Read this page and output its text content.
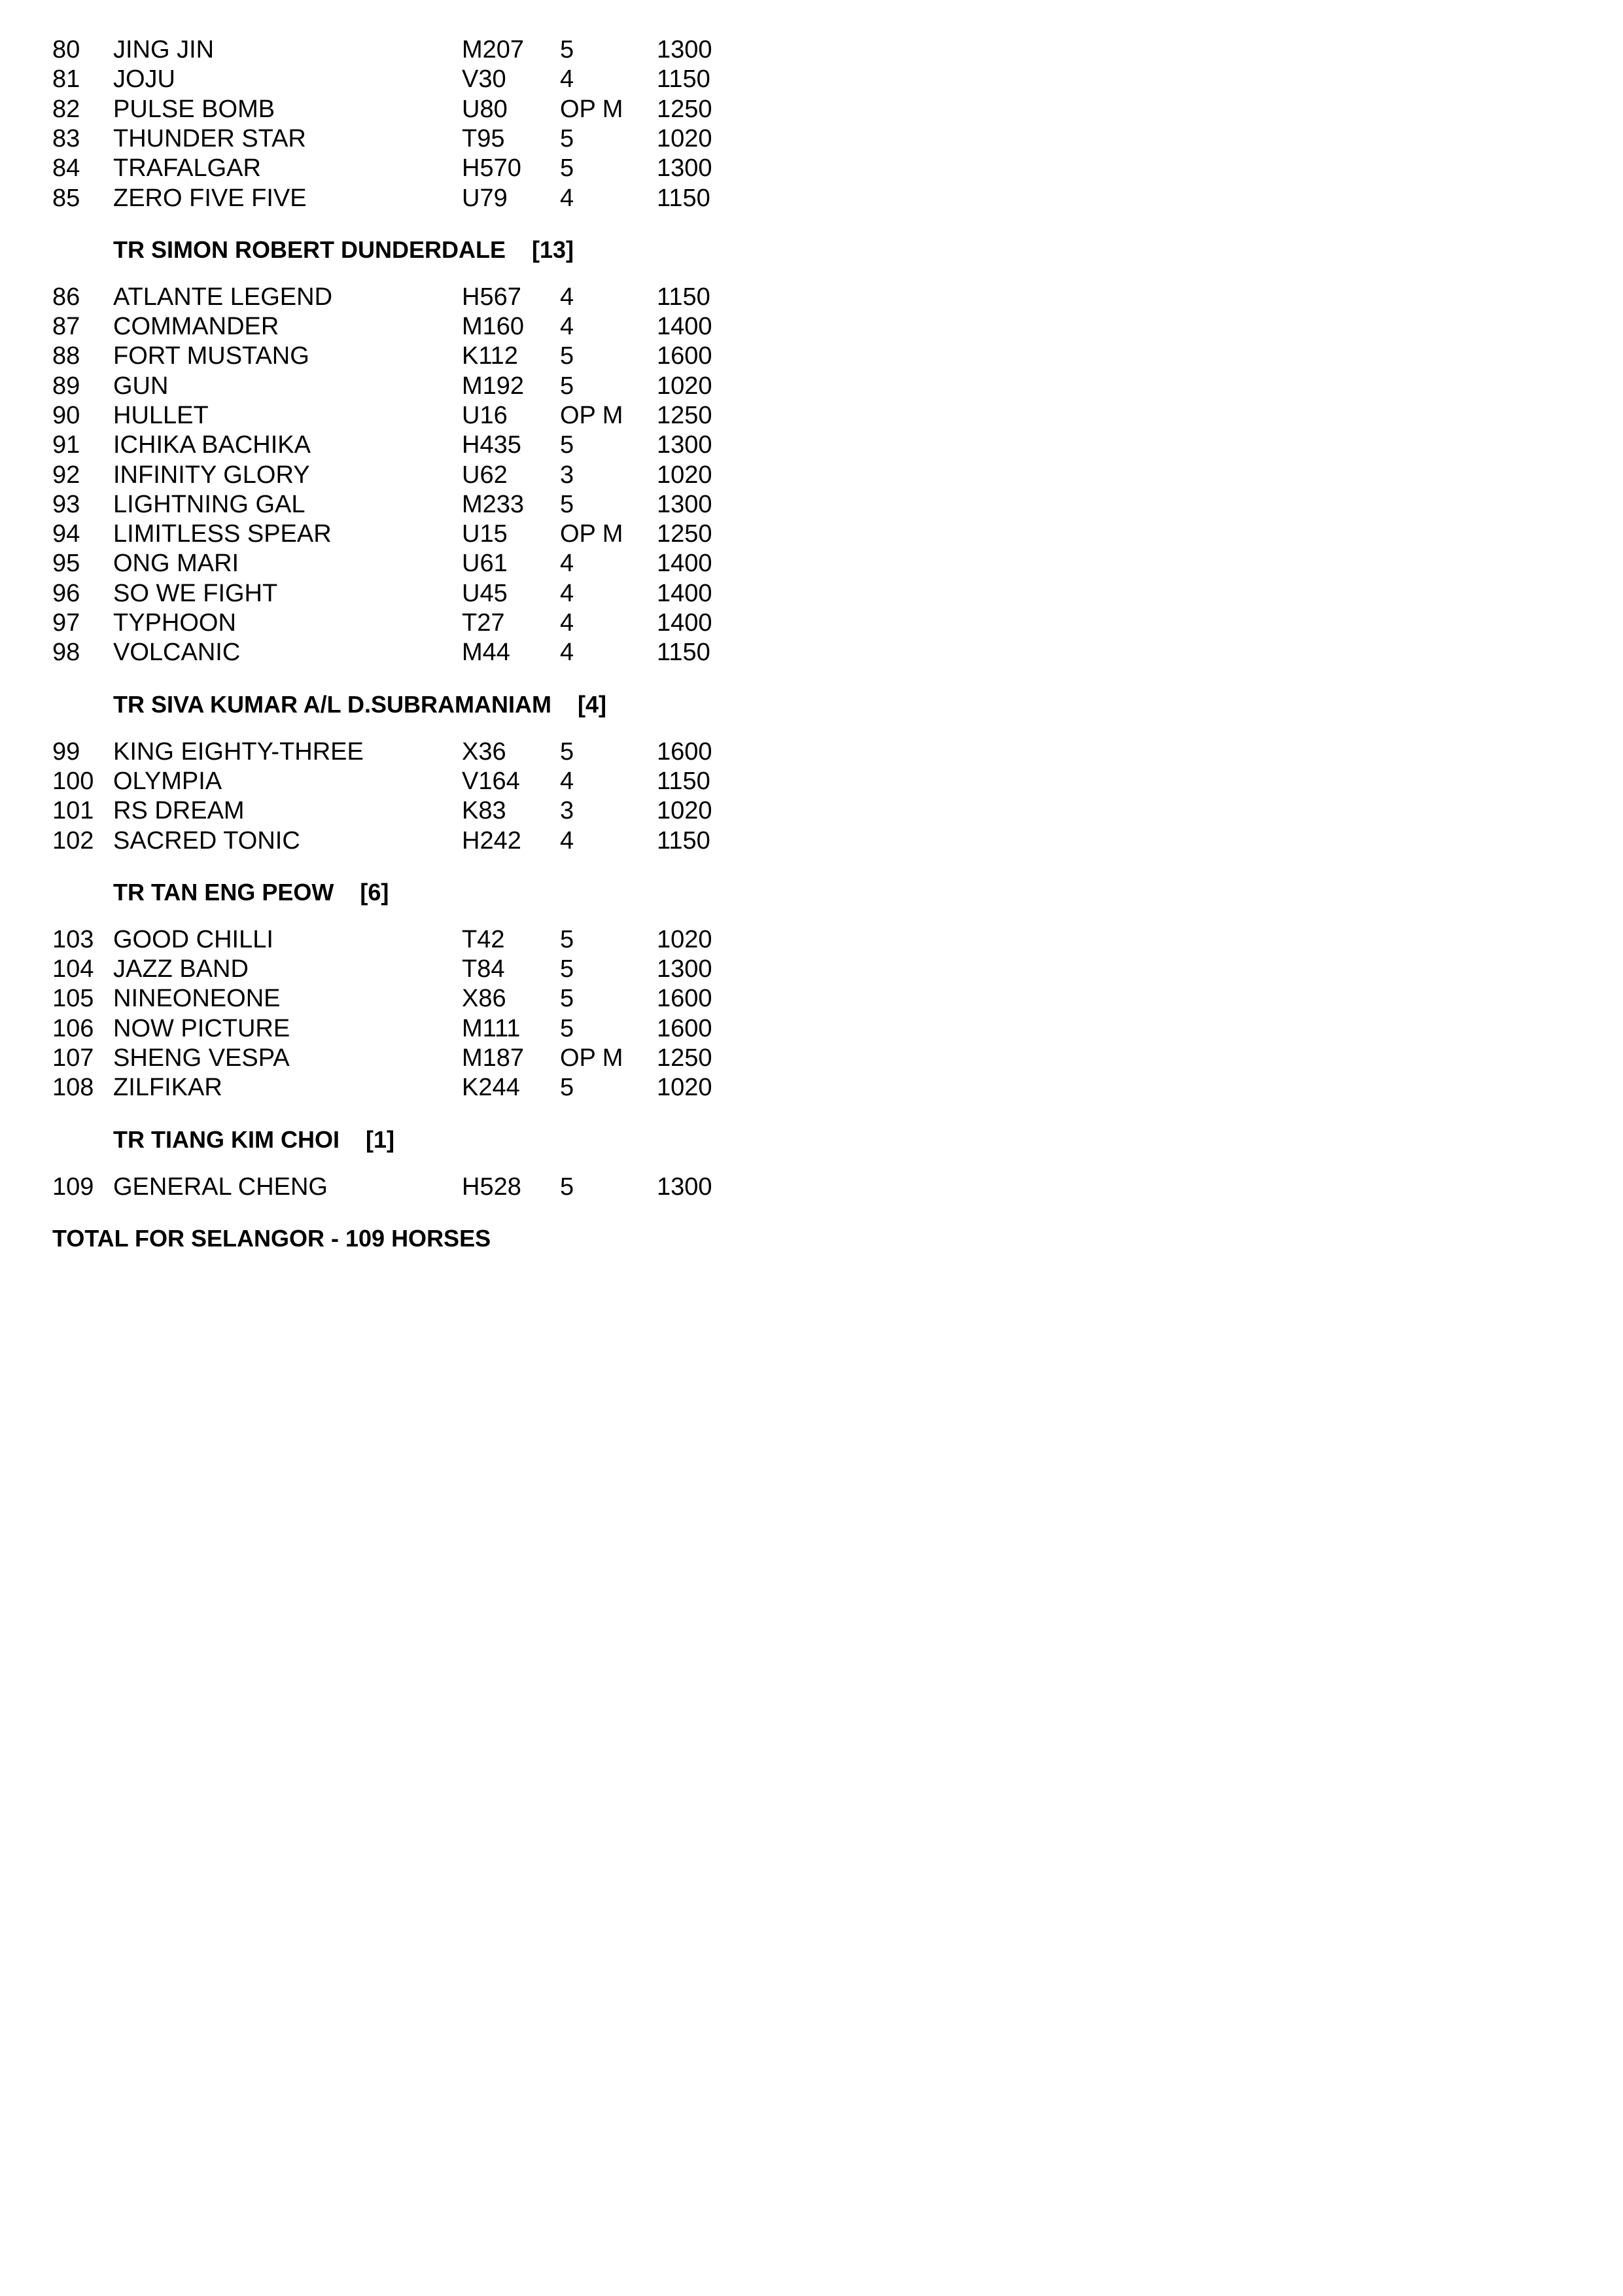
80 JING JIN	M207 5	1300
81 JOJU	V30 4	1150
82 PULSE BOMB	U80 OP M 1250
83 THUNDER STAR	T95 5	1020
84 TRAFALGAR	H570 5	1300
85 ZERO FIVE FIVE	U79 4	1150
TR SIMON ROBERT DUNDERDALE [13]
86 ATLANTE LEGEND	H567 4	1150
87 COMMANDER	M160 4	1400
88 FORT MUSTANG	K112 5	1600
89 GUN	M192 5	1020
90 HULLET	U16 OP M 1250
91 ICHIKA BACHIKA	H435 5	1300
92 INFINITY GLORY	U62 3	1020
93 LIGHTNING GAL	M233 5	1300
94 LIMITLESS SPEAR	U15 OP M 1250
95 ONG MARI	U61 4	1400
96 SO WE FIGHT	U45 4	1400
97 TYPHOON	T27 4	1400
98 VOLCANIC	M44 4	1150
TR SIVA KUMAR A/L D.SUBRAMANIAM [4]
99 KING EIGHTY-THREE	X36 5	1600
100 OLYMPIA	V164 4	1150
101 RS DREAM	K83 3	1020
102 SACRED TONIC	H242 4	1150
TR TAN ENG PEOW [6]
103 GOOD CHILLI	T42 5	1020
104 JAZZ BAND	T84 5	1300
105 NINEONEONE	X86 5	1600
106 NOW PICTURE	M111 5	1600
107 SHENG VESPA	M187 OP M 1250
108 ZILFIKAR	K244 5	1020
TR TIANG KIM CHOI [1]
109 GENERAL CHENG	H528 5	1300
TOTAL FOR SELANGOR - 109 HORSES
